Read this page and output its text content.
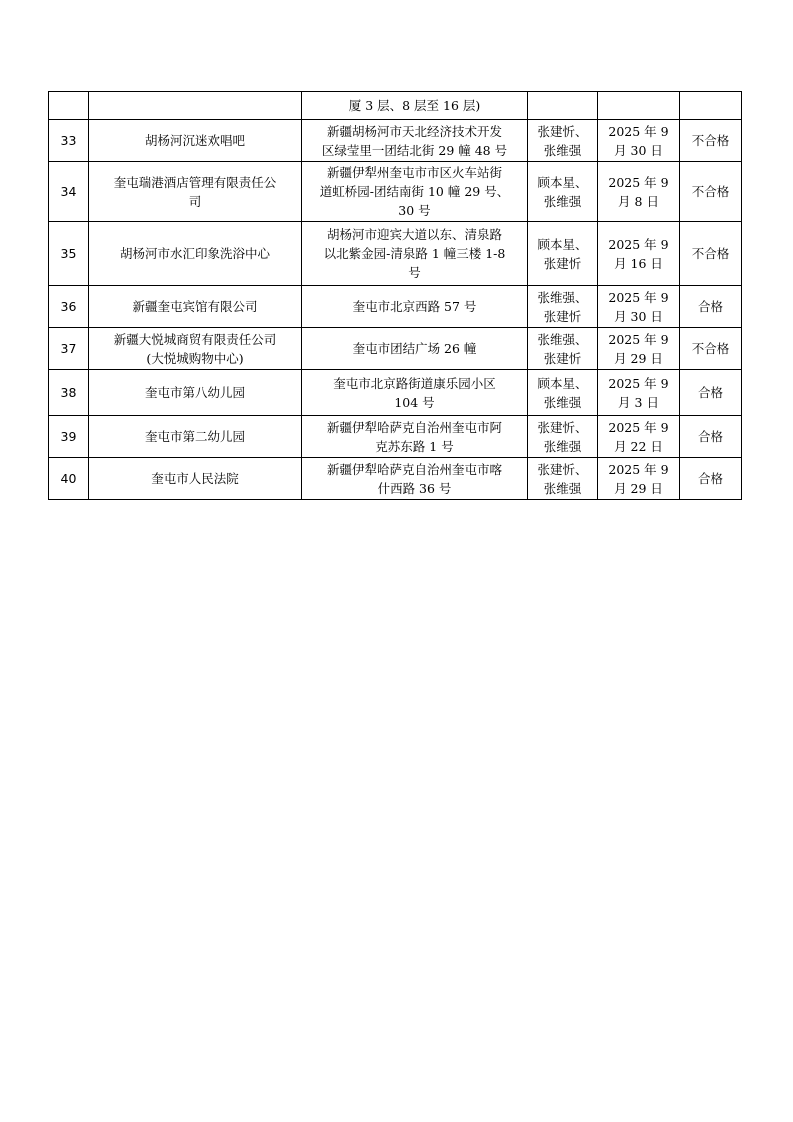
		厦 3 层、8 层至 16 层)			

33	胡杨河沉迷欢唱吧	新疆胡杨河市天北经济技术开发
区绿莹里一团结北街 29 幢 48 号	张建忻、
张维强	2025 年 9
月 30 日	不合格

34	奎屯瑞港酒店管理有限责任公
司	新疆伊犁州奎屯市市区火车站街
道虹桥园-团结南街 10 幢 29 号、
30 号	顾本星、
张维强	2025 年 9
月 8 日	不合格

35	胡杨河市水汇印象洗浴中心	胡杨河市迎宾大道以东、清泉路
以北紫金园-清泉路 1 幢三楼 1-8
号	顾本星、
张建忻	2025 年 9
月 16 日	不合格

36	新疆奎屯宾馆有限公司	奎屯市北京西路 57 号	张维强、
张建忻	2025 年 9
月 30 日	合格

37	新疆大悦城商贸有限责任公司
(大悦城购物中心)	奎屯市团结广场 26 幢	张维强、
张建忻	2025 年 9
月 29 日	不合格

38	奎屯市第八幼儿园	奎屯市北京路街道康乐园小区
104 号	顾本星、
张维强	2025 年 9
月 3 日	合格

39	奎屯市第二幼儿园	新疆伊犁哈萨克自治州奎屯市阿
克苏东路 1 号	张建忻、
张维强	2025 年 9
月 22 日	合格

40	奎屯市人民法院	新疆伊犁哈萨克自治州奎屯市喀
什西路 36 号	张建忻、
张维强	2025 年 9
月 29 日	合格
